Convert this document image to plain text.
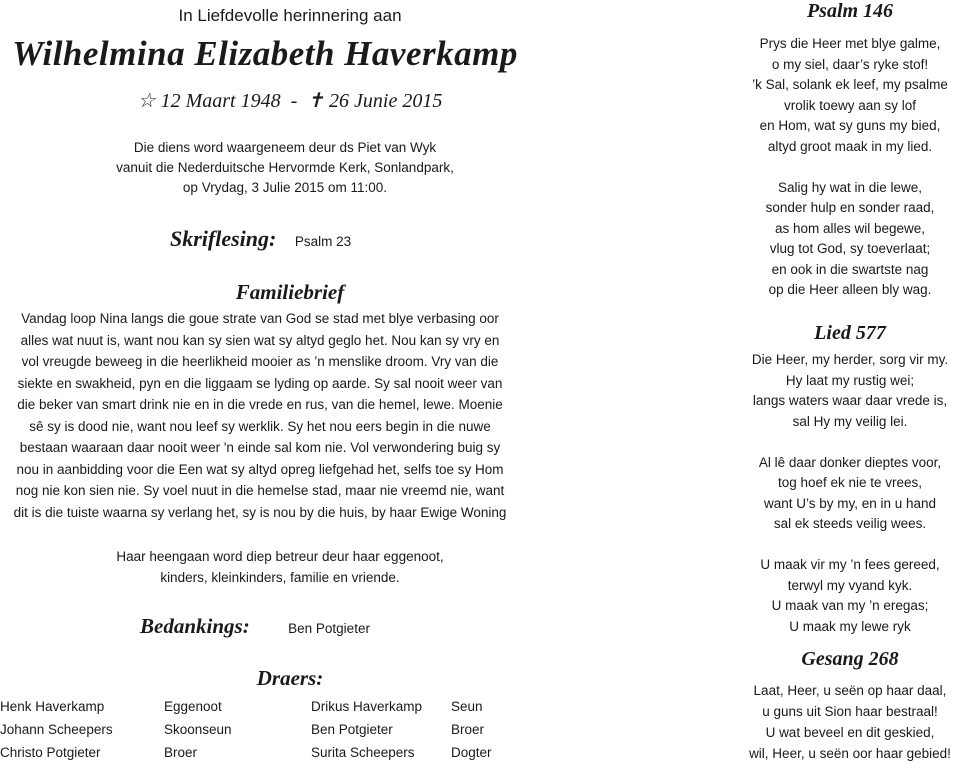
In Liefdevolle herinnering aan
Wilhelmina Elizabeth Haverkamp
☆ 12 Maart 1948 - ✝ 26 Junie 2015
Die diens word waargeneem deur ds Piet van Wyk
vanuit die Nederduitsche Hervormde Kerk, Sonlandpark,
op Vrydag, 3 Julie 2015 om 11:00.
Skriflesing: Psalm 23
Familiebrief
Vandag loop Nina langs die goue strate van God se stad met blye verbasing oor
alles wat nuut is, want nou kan sy sien wat sy altyd geglo het. Nou kan sy vry en
vol vreugde beweeg in die heerlikheid mooier as ’n menslike droom. Vry van die
siekte en swakheid, pyn en die liggaam se lyding op aarde. Sy sal nooit weer van
die beker van smart drink nie en in die vrede en rus, van die hemel, lewe. Moenie
sê sy is dood nie, want nou leef sy werklik. Sy het nou eers begin in die nuwe
bestaan waaraan daar nooit weer 'n einde sal kom nie. Vol verwondering buig sy
nou in aanbidding voor die Een wat sy altyd opreg liefgehad het, selfs toe sy Hom
nog nie kon sien nie. Sy voel nuut in die hemelse stad, maar nie vreemd nie, want
dit is die tuiste waarna sy verlang het, sy is nou by die huis, by haar Ewige Woning
Haar heengaan word diep betreur deur haar eggenoot,
kinders, kleinkinders, familie en vriende.
Bedankings:	Ben Potgieter
Draers:
Henk Haverkamp	Eggenoot	Drikus Haverkamp Seun
Johann Scheepers	Skoonseun	Ben Potgieter	Broer
Christo Potgieter	Broer	Surita Scheepers	Dogter
Psalm 146
Prys die Heer met blye galme,
o my siel, daar’s ryke stof!
’k Sal, solank ek leef, my psalme
vrolik toewy aan sy lof
en Hom, wat sy guns my bied,
altyd groot maak in my lied.
Salig hy wat in die lewe,
sonder hulp en sonder raad,
as hom alles wil begewe,
vlug tot God, sy toeverlaat;
en ook in die swartste nag
op die Heer alleen bly wag.
Lied 577
Die Heer, my herder, sorg vir my.
Hy laat my rustig wei;
langs waters waar daar vrede is,
sal Hy my veilig lei.
Al lê daar donker dieptes voor,
tog hoef ek nie te vrees,
want U’s by my, en in u hand
sal ek steeds veilig wees.
U maak vir my ’n fees gereed,
terwyl my vyand kyk.
U maak van my ’n eregas;
U maak my lewe ryk
Gesang 268
Laat, Heer, u seën op haar daal,
u guns uit Sion haar bestraal!
U wat beveel en dit geskied,
wil, Heer, u seën oor haar gebied!
